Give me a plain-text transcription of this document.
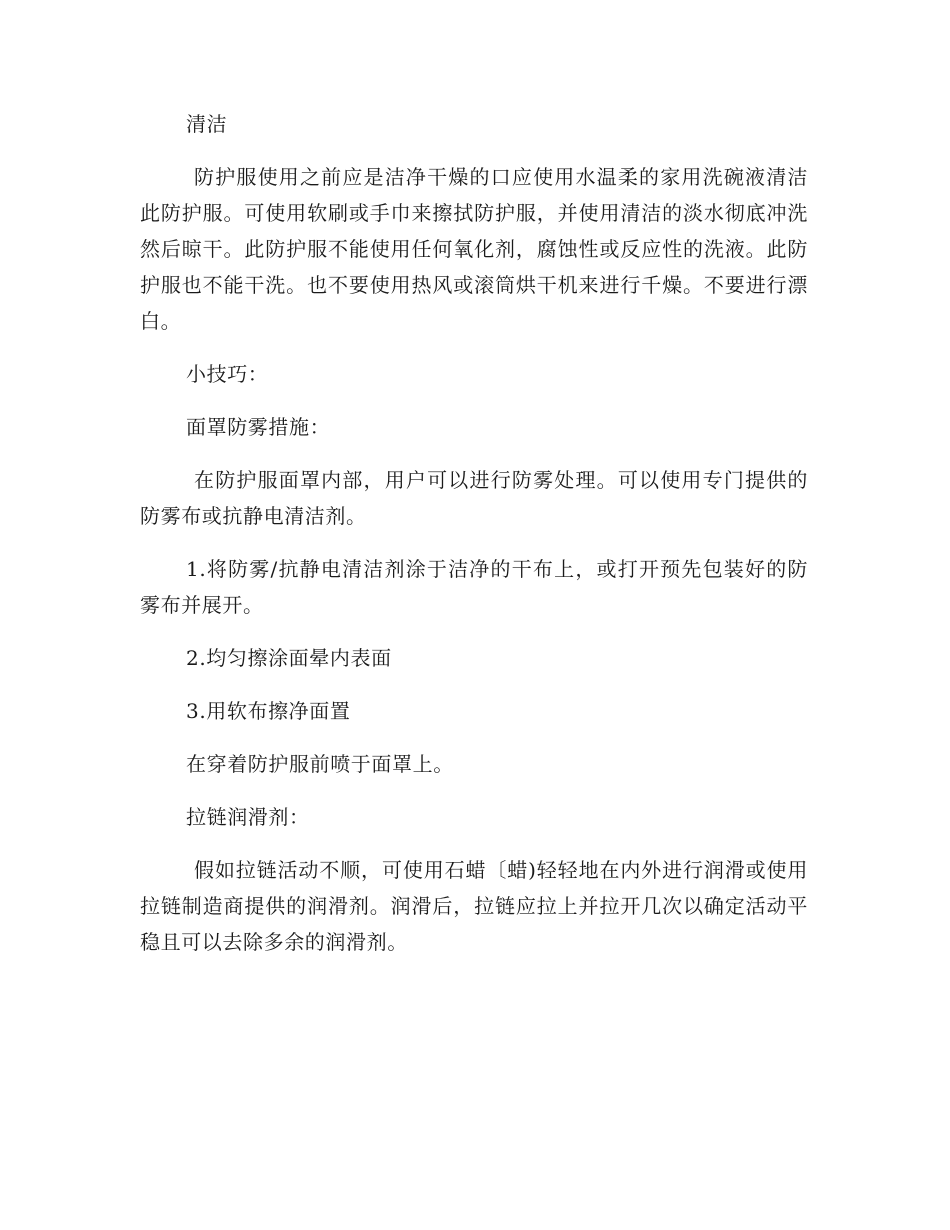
清洁

防护服使用之前应是洁净干燥的口应使用水温柔的家用洗碗液清洁此防护服。可使用软刷或手巾来擦拭防护服，并使用清洁的淡水彻底冲洗然后晾干。此防护服不能使用任何氧化剂，腐蚀性或反应性的洗液。此防护服也不能干洗。也不要使用热风或滚筒烘干机来进行千燥。不要进行漂白。

小技巧：

面罩防雾措施：

在防护服面罩内部，用户可以进行防雾处理。可以使用专门提供的防雾布或抗静电清洁剂。

1.将防雾/抗静电清洁剂涂于洁净的干布上，或打开预先包装好的防雾布并展开。

2.均匀擦涂面晕内表面

3.用软布擦净面置

在穿着防护服前喷于面罩上。

拉链润滑剂：

假如拉链活动不顺，可使用石蜡〔蜡)轻轻地在内外进行润滑或使用拉链制造商提供的润滑剂。润滑后，拉链应拉上并拉开几次以确定活动平稳且可以去除多余的润滑剂。
